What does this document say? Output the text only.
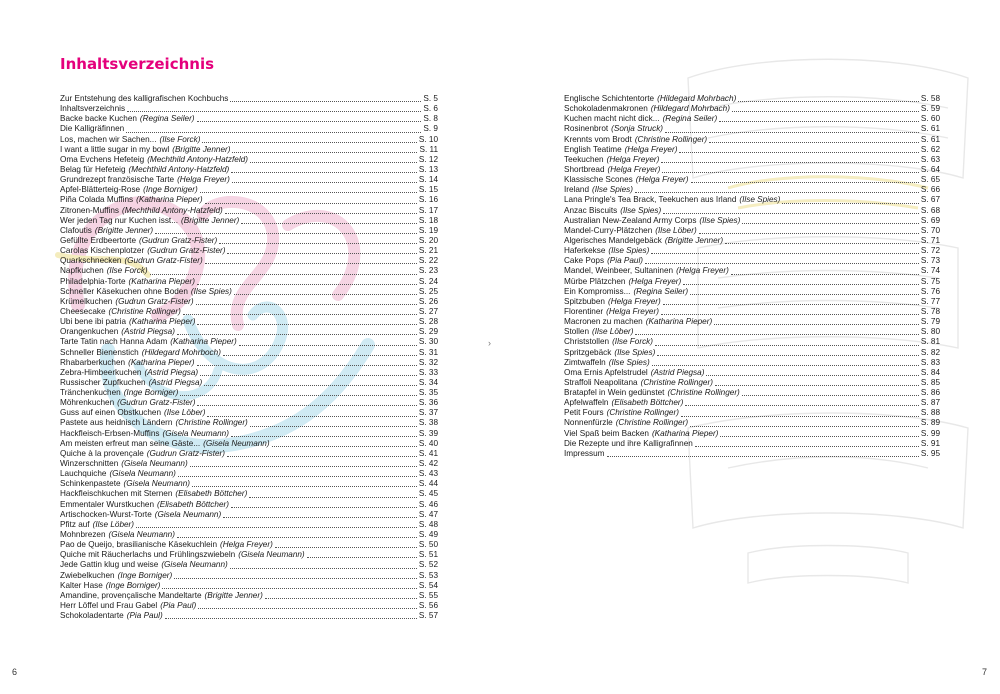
Inhaltsverzeichnis
Zur Entstehung des kalligrafischen Kochbuchs	S. 5
Inhaltsverzeichnis	S. 6
Backe backe Kuchen (Regina Seiler)	S. 8
Die Kalligräfinnen	S. 9
Los, machen wir Sachen... (Ilse Forck)	S. 10
I want a little sugar in my bowl (Brigitte Jenner)	S. 11
Oma Evchens Hefeteig (Mechthild Antony-Hatzfeld)	S. 12
Belag für Hefeteig (Mechthild Antony-Hatzfeld)	S. 13
Grundrezept französische Tarte (Helga Freyer)	S. 14
Apfel-Blätterteig-Rose (Inge Borniger)	S. 15
Piña Colada Muffins (Katharina Pieper)	S. 16
Zitronen-Muffins (Mechthild Antony-Hatzfeld)	S. 17
Wer jeden Tag nur Kuchen isst... (Brigitte Jenner)	S. 18
Clafoutis (Brigitte Jenner)	S. 19
Gefüllte Erdbeertorte (Gudrun Gratz-Fister)	S. 20
Carolas Kischenplotzer (Gudrun Gratz-Fister)	S. 21
Quarkschnecken (Gudrun Gratz-Fister)	S. 22
Napfkuchen (Ilse Forck)	S. 23
Philadelphia-Torte (Katharina Pieper)	S. 24
Schneller Käsekuchen ohne Boden (Ilse Spies)	S. 25
Krümelkuchen (Gudrun Gratz-Fister)	S. 26
Cheesecake (Christine Rollinger)	S. 27
Ubi bene ibi patria (Katharina Pieper)	S. 28
Orangenkuchen (Astrid Piegsa)	S. 29
Tarte Tatin nach Hanna Adam (Katharina Pieper)	S. 30
Schneller Bienenstich (Hildegard Mohrboch)	S. 31
Rhabarberkuchen (Katharina Pieper)	S. 32
Zebra-Himbeerkuchen (Astrid Piegsa)	S. 33
Russischer Zupfkuchen (Astrid Piegsa)	S. 34
Tränchenkuchen (Inge Borniger)	S. 35
Möhrenkuchen (Gudrun Gratz-Fister)	S. 36
Guss auf einen Obstkuchen (Ilse Löber)	S. 37
Pastete aus heidnisch Ländern (Christine Rollinger)	S. 38
Hackfleisch-Erbsen-Muffins (Gisela Neumann)	S. 39
Am meisten erfreut man seine Gäste... (Gisela Neumann)	S. 40
Quiche à la provençale (Gudrun Gratz-Fister)	S. 41
Winzerschnitten (Gisela Neumann)	S. 42
Lauchquiche (Gisela Neumann)	S. 43
Schinkenpastete (Gisela Neumann)	S. 44
Hackfleischkuchen mit Sternen (Elisabeth Böttcher)	S. 45
Emmentaler Wurstkuchen (Elisabeth Böttcher)	S. 46
Artischocken-Wurst-Torte (Gisela Neumann)	S. 47
Pfitz auf (Ilse Löber)	S. 48
Mohnbrezen (Gisela Neumann)	S. 49
Pao de Queijo, brasilianische Käsekuchlein (Helga Freyer)	S. 50
Quiche mit Räucherlachs und Frühlingszwiebeln (Gisela Neumann)	S. 51
Jede Gattin klug und weise (Gisela Neumann)	S. 52
Zwiebelkuchen (Inge Borniger)	S. 53
Kalter Hase (Inge Borniger)	S. 54
Amandine, provençalische Mandeltarte (Brigitte Jenner)	S. 55
Herr Löffel und Frau Gabel (Pia Paul)	S. 56
Schokoladentarte (Pia Paul)	S. 57
6
›
Englische Schichtentorte (Hildegard Mohrbach)	S. 58
Schokoladenmakronen (Hildegard Mohrbach)	S. 59
Kuchen macht nicht dick... (Regina Seiler)	S. 60
Rosinenbrot (Sonja Struck)	S. 61
Krennts vom Brodt (Christine Rollinger)	S. 61
English Teatime (Helga Freyer)	S. 62
Teekuchen (Helga Freyer)	S. 63
Shortbread (Helga Freyer)	S. 64
Klassische Scones (Helga Freyer)	S. 65
Ireland (Ilse Spies)	S. 66
Lana Pringle's Tea Brack, Teekuchen aus Irland (Ilse Spies)	S. 67
Anzac Biscuits (Ilse Spies)	S. 68
Australian New-Zealand Army Corps (Ilse Spies)	S. 69
Mandel-Curry-Plätzchen (Ilse Löber)	S. 70
Algerisches Mandelgebäck (Brigitte Jenner)	S. 71
Haferkekse (Ilse Spies)	S. 72
Cake Pops (Pia Paul)	S. 73
Mandel, Weinbeer, Sultaninen (Helga Freyer)	S. 74
Mürbe Plätzchen (Helga Freyer)	S. 75
Ein Kompromiss... (Regina Seiler)	S. 76
Spitzbuben (Helga Freyer)	S. 77
Florentiner (Helga Freyer)	S. 78
Macronen zu machen (Katharina Pieper)	S. 79
Stollen (Ilse Löber)	S. 80
Christstollen (Ilse Forck)	S. 81
Spritzgebäck (Ilse Spies)	S. 82
Zimtwaffeln (Ilse Spies)	S. 83
Oma Ernis Apfelstrudel (Astrid Piegsa)	S. 84
Straffoli Neapolitana (Christine Rollinger)	S. 85
Bratapfel in Wein gedünstet (Christine Rollinger)	S. 86
Apfelwaffeln (Elisabeth Böttcher)	S. 87
Petit Fours (Christine Rollinger)	S. 88
Nonnenfürzle (Christine Rollinger)	S. 89
Viel Spaß beim Backen (Katharina Pieper)	S. 99
Die Rezepte und ihre Kalligrafinnen	S. 91
Impressum	S. 95
7
